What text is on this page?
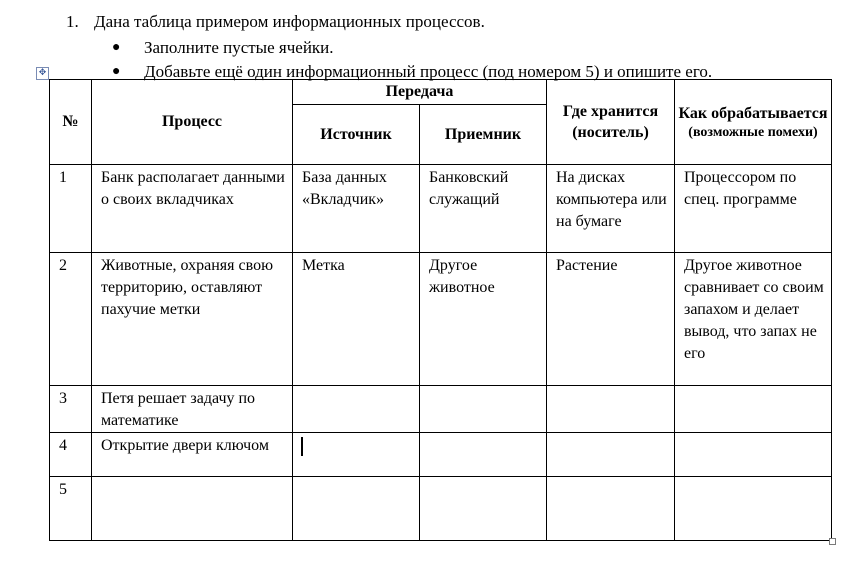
1. Дана таблица примером информационных процессов.
● Заполните пустые ячейки.
● Добавьте ещё один информационный процесс (под номером 5) и опишите его.
✥
№	Процесс	Передача		Где хранится (носитель)	Как обрабатывается
(возможные помехи)

		Источник	Приемник		
1	Банк располагает данными о своих вкладчиках	База данных «Вкладчик»	Банковский служащий	На дисках компьютера или на бумаге	Процессором по спец. программе
2	Животные, охраняя свою территорию, оставляют пахучие метки	Метка	Другое животное	Растение	Другое животное сравнивает со своим запахом и делает вывод, что запах не его
3	Петя решает задачу по математике				
4	Открытие двери ключом				
5					
